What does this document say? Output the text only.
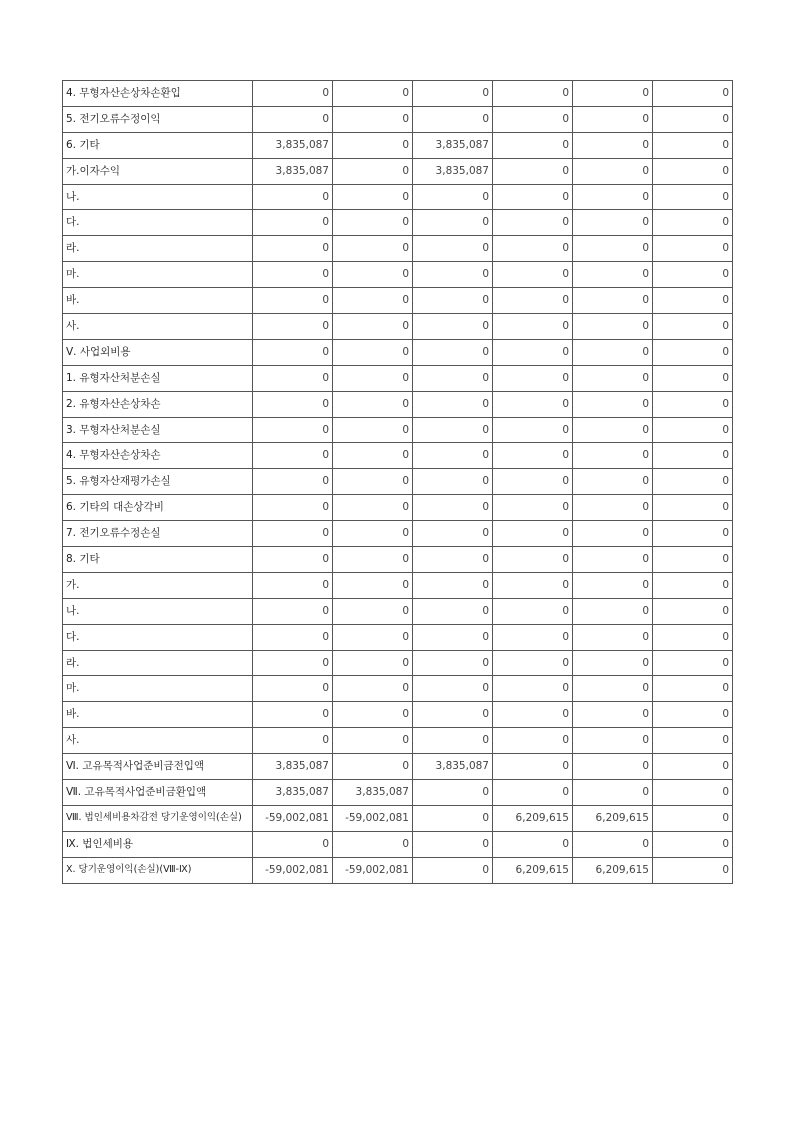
4. 무형자산손상차손환입	0	0	0	0	0	0
5. 전기오류수정이익	0	0	0	0	0	0
6. 기타	3,835,087	0	3,835,087	0	0	0
가.이자수익	3,835,087	0	3,835,087	0	0	0
나.	0	0	0	0	0	0
다.	0	0	0	0	0	0
라.	0	0	0	0	0	0
마.	0	0	0	0	0	0
바.	0	0	0	0	0	0
사.	0	0	0	0	0	0
Ⅴ. 사업외비용	0	0	0	0	0	0
1. 유형자산처분손실	0	0	0	0	0	0
2. 유형자산손상차손	0	0	0	0	0	0
3. 무형자산처분손실	0	0	0	0	0	0
4. 무형자산손상차손	0	0	0	0	0	0
5. 유형자산재평가손실	0	0	0	0	0	0
6. 기타의 대손상각비	0	0	0	0	0	0
7. 전기오류수정손실	0	0	0	0	0	0
8. 기타	0	0	0	0	0	0
가.	0	0	0	0	0	0
나.	0	0	0	0	0	0
다.	0	0	0	0	0	0
라.	0	0	0	0	0	0
마.	0	0	0	0	0	0
바.	0	0	0	0	0	0
사.	0	0	0	0	0	0
Ⅵ. 고유목적사업준비금전입액	3,835,087	0	3,835,087	0	0	0
Ⅶ. 고유목적사업준비금환입액	3,835,087	3,835,087	0	0	0	0
Ⅷ. 법인세비용차감전 당기운영이익(손실)	-59,002,081	-59,002,081	0	6,209,615	6,209,615	0
Ⅸ. 법인세비용	0	0	0	0	0	0
Ⅹ. 당기운영이익(손실)(Ⅷ-Ⅸ)	-59,002,081	-59,002,081	0	6,209,615	6,209,615	0
